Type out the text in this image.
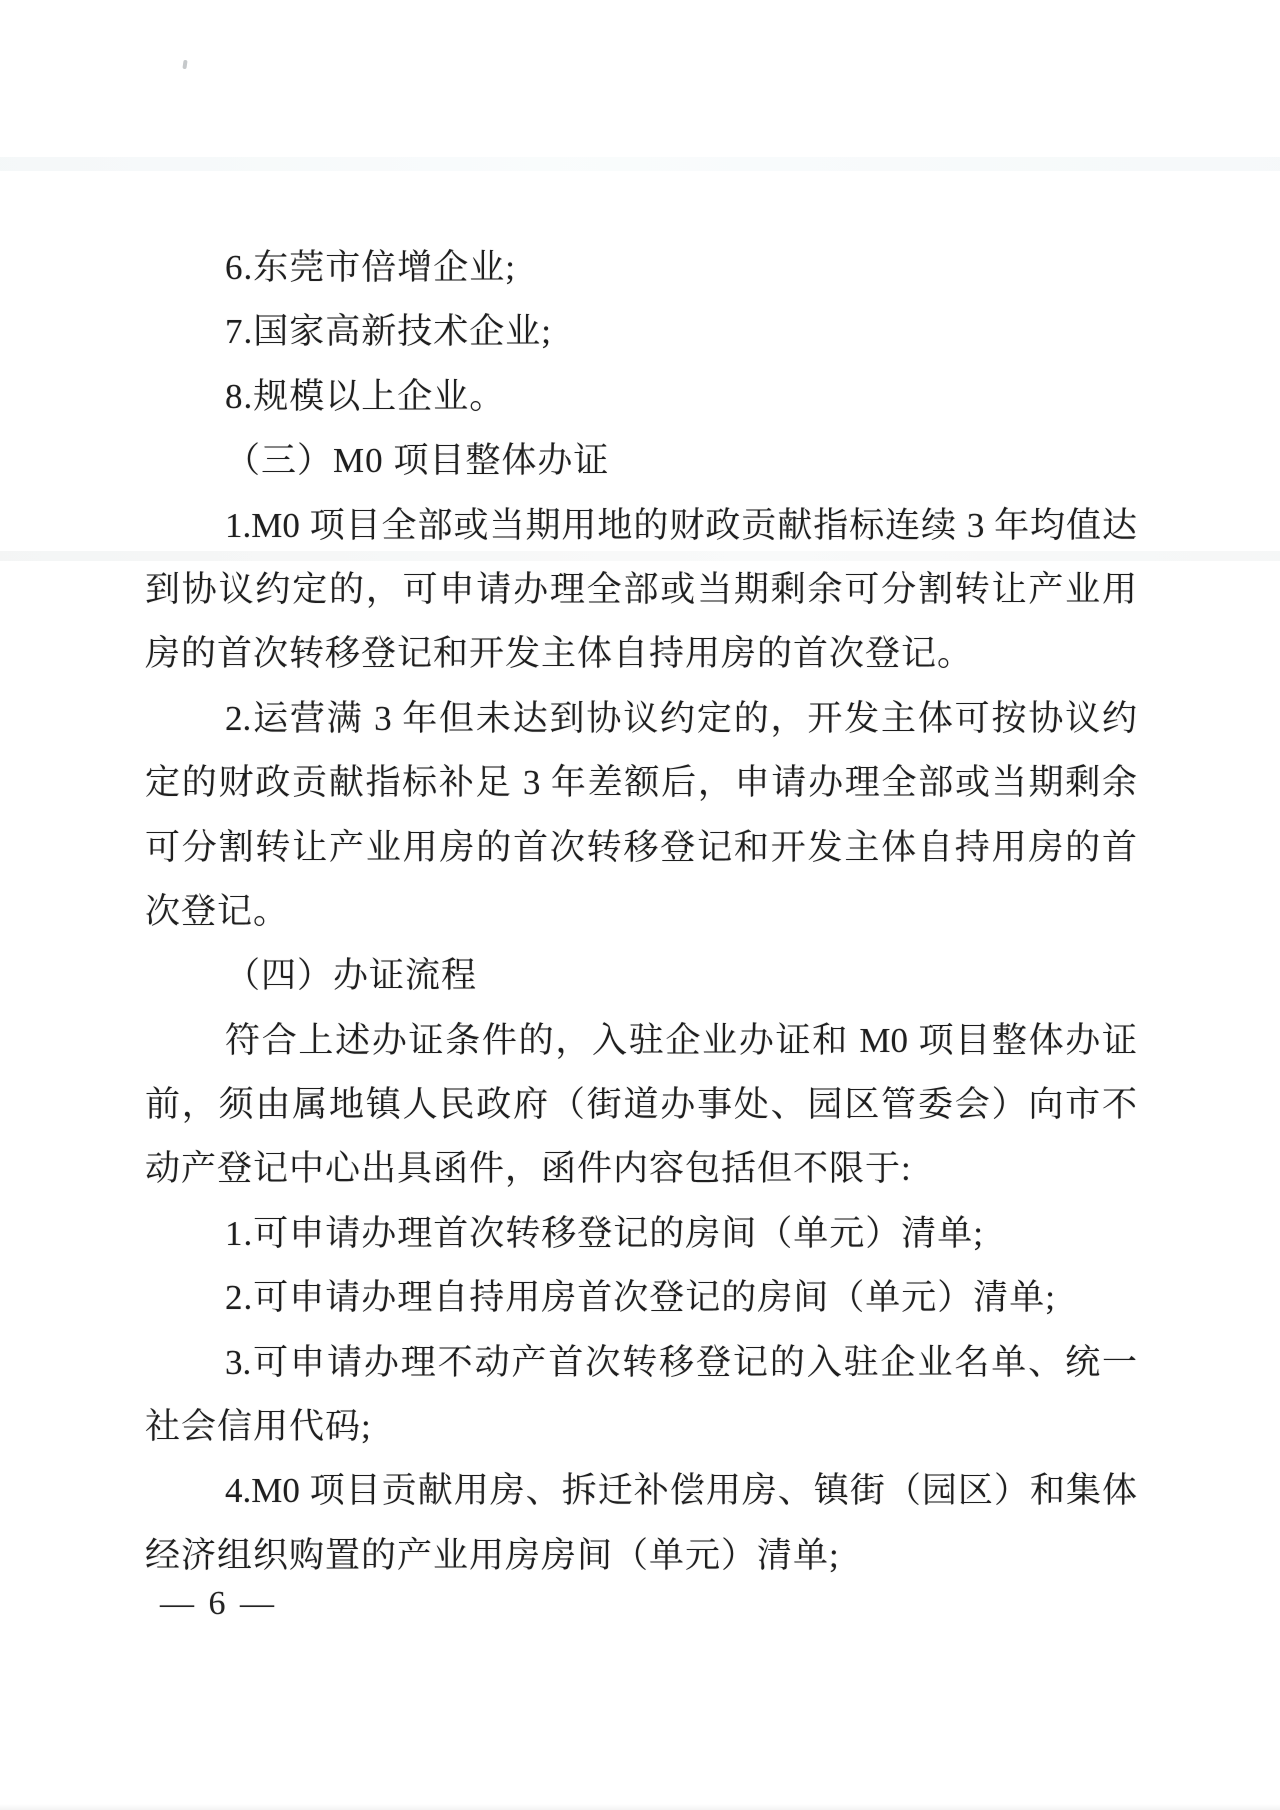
6.东莞市倍增企业;
7.国家高新技术企业;
8.规模以上企业。
（三）M0 项目整体办证
1.M0 项目全部或当期用地的财政贡献指标连续 3 年均值达
到协议约定的，可申请办理全部或当期剩余可分割转让产业用
房的首次转移登记和开发主体自持用房的首次登记。
2.运营满 3 年但未达到协议约定的，开发主体可按协议约
定的财政贡献指标补足 3 年差额后，申请办理全部或当期剩余
可分割转让产业用房的首次转移登记和开发主体自持用房的首
次登记。
（四）办证流程
符合上述办证条件的，入驻企业办证和 M0 项目整体办证
前，须由属地镇人民政府（街道办事处、园区管委会）向市不
动产登记中心出具函件，函件内容包括但不限于:
1.可申请办理首次转移登记的房间（单元）清单;
2.可申请办理自持用房首次登记的房间（单元）清单;
3.可申请办理不动产首次转移登记的入驻企业名单、统一
社会信用代码;
4.M0 项目贡献用房、拆迁补偿用房、镇街（园区）和集体
经济组织购置的产业用房房间（单元）清单;
— 6 —
